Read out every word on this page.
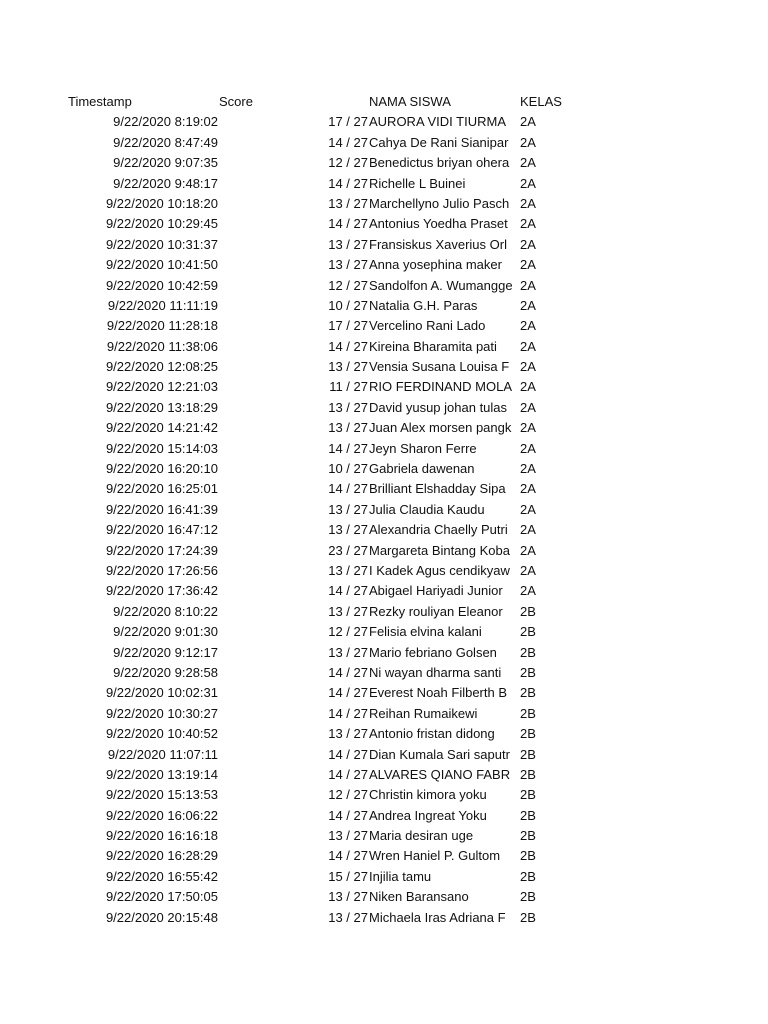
Timestamp	Score	NAMA SISWA	KELAS
9/22/2020 8:19:02	17 / 27 AURORA VIDI TIURMA	2A
9/22/2020 8:47:49	14 / 27 Cahya De Rani Sianipar 2A
9/22/2020 9:07:35	12 / 27 Benedictus briyan ohera 2A
9/22/2020 9:48:17	14 / 27 Richelle L Buinei	2A
9/22/2020 10:18:20	13 / 27 Marchellyno Julio Pasch 2A
9/22/2020 10:29:45	14 / 27 Antonius Yoedha Praset 2A
9/22/2020 10:31:37	13 / 27 Fransiskus Xaverius Orl	2A
9/22/2020 10:41:50	13 / 27 Anna yosephina maker	2A
9/22/2020 10:42:59	12 / 27 Sandolfon A. Wumangge 2A
9/22/2020 11:11:19	10 / 27 Natalia G.H. Paras	2A
9/22/2020 11:28:18	17 / 27 Vercelino Rani Lado	2A
9/22/2020 11:38:06	14 / 27 Kireina Bharamita pati	2A
9/22/2020 12:08:25	13 / 27 Vensia Susana Louisa F 2A
9/22/2020 12:21:03	11 / 27 RIO FERDINAND MOLA 2A
9/22/2020 13:18:29	13 / 27 David yusup johan tulas 2A
9/22/2020 14:21:42	13 / 27 Juan Alex morsen pangk 2A
9/22/2020 15:14:03	14 / 27 Jeyn Sharon Ferre	2A
9/22/2020 16:20:10	10 / 27 Gabriela dawenan	2A
9/22/2020 16:25:01	14 / 27 Brilliant Elshadday Sipa	2A
9/22/2020 16:41:39	13 / 27 Julia Claudia Kaudu	2A
9/22/2020 16:47:12	13 / 27 Alexandria Chaelly Putri 2A
9/22/2020 17:24:39	23 / 27 Margareta Bintang Koba 2A
9/22/2020 17:26:56	13 / 27 I Kadek Agus cendikyaw 2A
9/22/2020 17:36:42	14 / 27 Abigael Hariyadi Junior	2A
9/22/2020 8:10:22	13 / 27 Rezky rouliyan Eleanor	2B
9/22/2020 9:01:30	12 / 27 Felisia elvina kalani	2B
9/22/2020 9:12:17	13 / 27 Mario febriano Golsen	2B
9/22/2020 9:28:58	14 / 27 Ni wayan dharma santi	2B
9/22/2020 10:02:31	14 / 27 Everest Noah Filberth B 2B
9/22/2020 10:30:27	14 / 27 Reihan Rumaikewi	2B
9/22/2020 10:40:52	13 / 27 Antonio fristan didong	2B
9/22/2020 11:07:11	14 / 27 Dian Kumala Sari saputr 2B
9/22/2020 13:19:14	14 / 27 ALVARES QIANO FABR 2B
9/22/2020 15:13:53	12 / 27 Christin kimora yoku	2B
9/22/2020 16:06:22	14 / 27 Andrea Ingreat Yoku	2B
9/22/2020 16:16:18	13 / 27 Maria desiran uge	2B
9/22/2020 16:28:29	14 / 27 Wren Haniel P. Gultom	2B
9/22/2020 16:55:42	15 / 27 Injilia tamu	2B
9/22/2020 17:50:05	13 / 27 Niken Baransano	2B
9/22/2020 20:15:48	13 / 27 Michaela Iras Adriana F	2B
